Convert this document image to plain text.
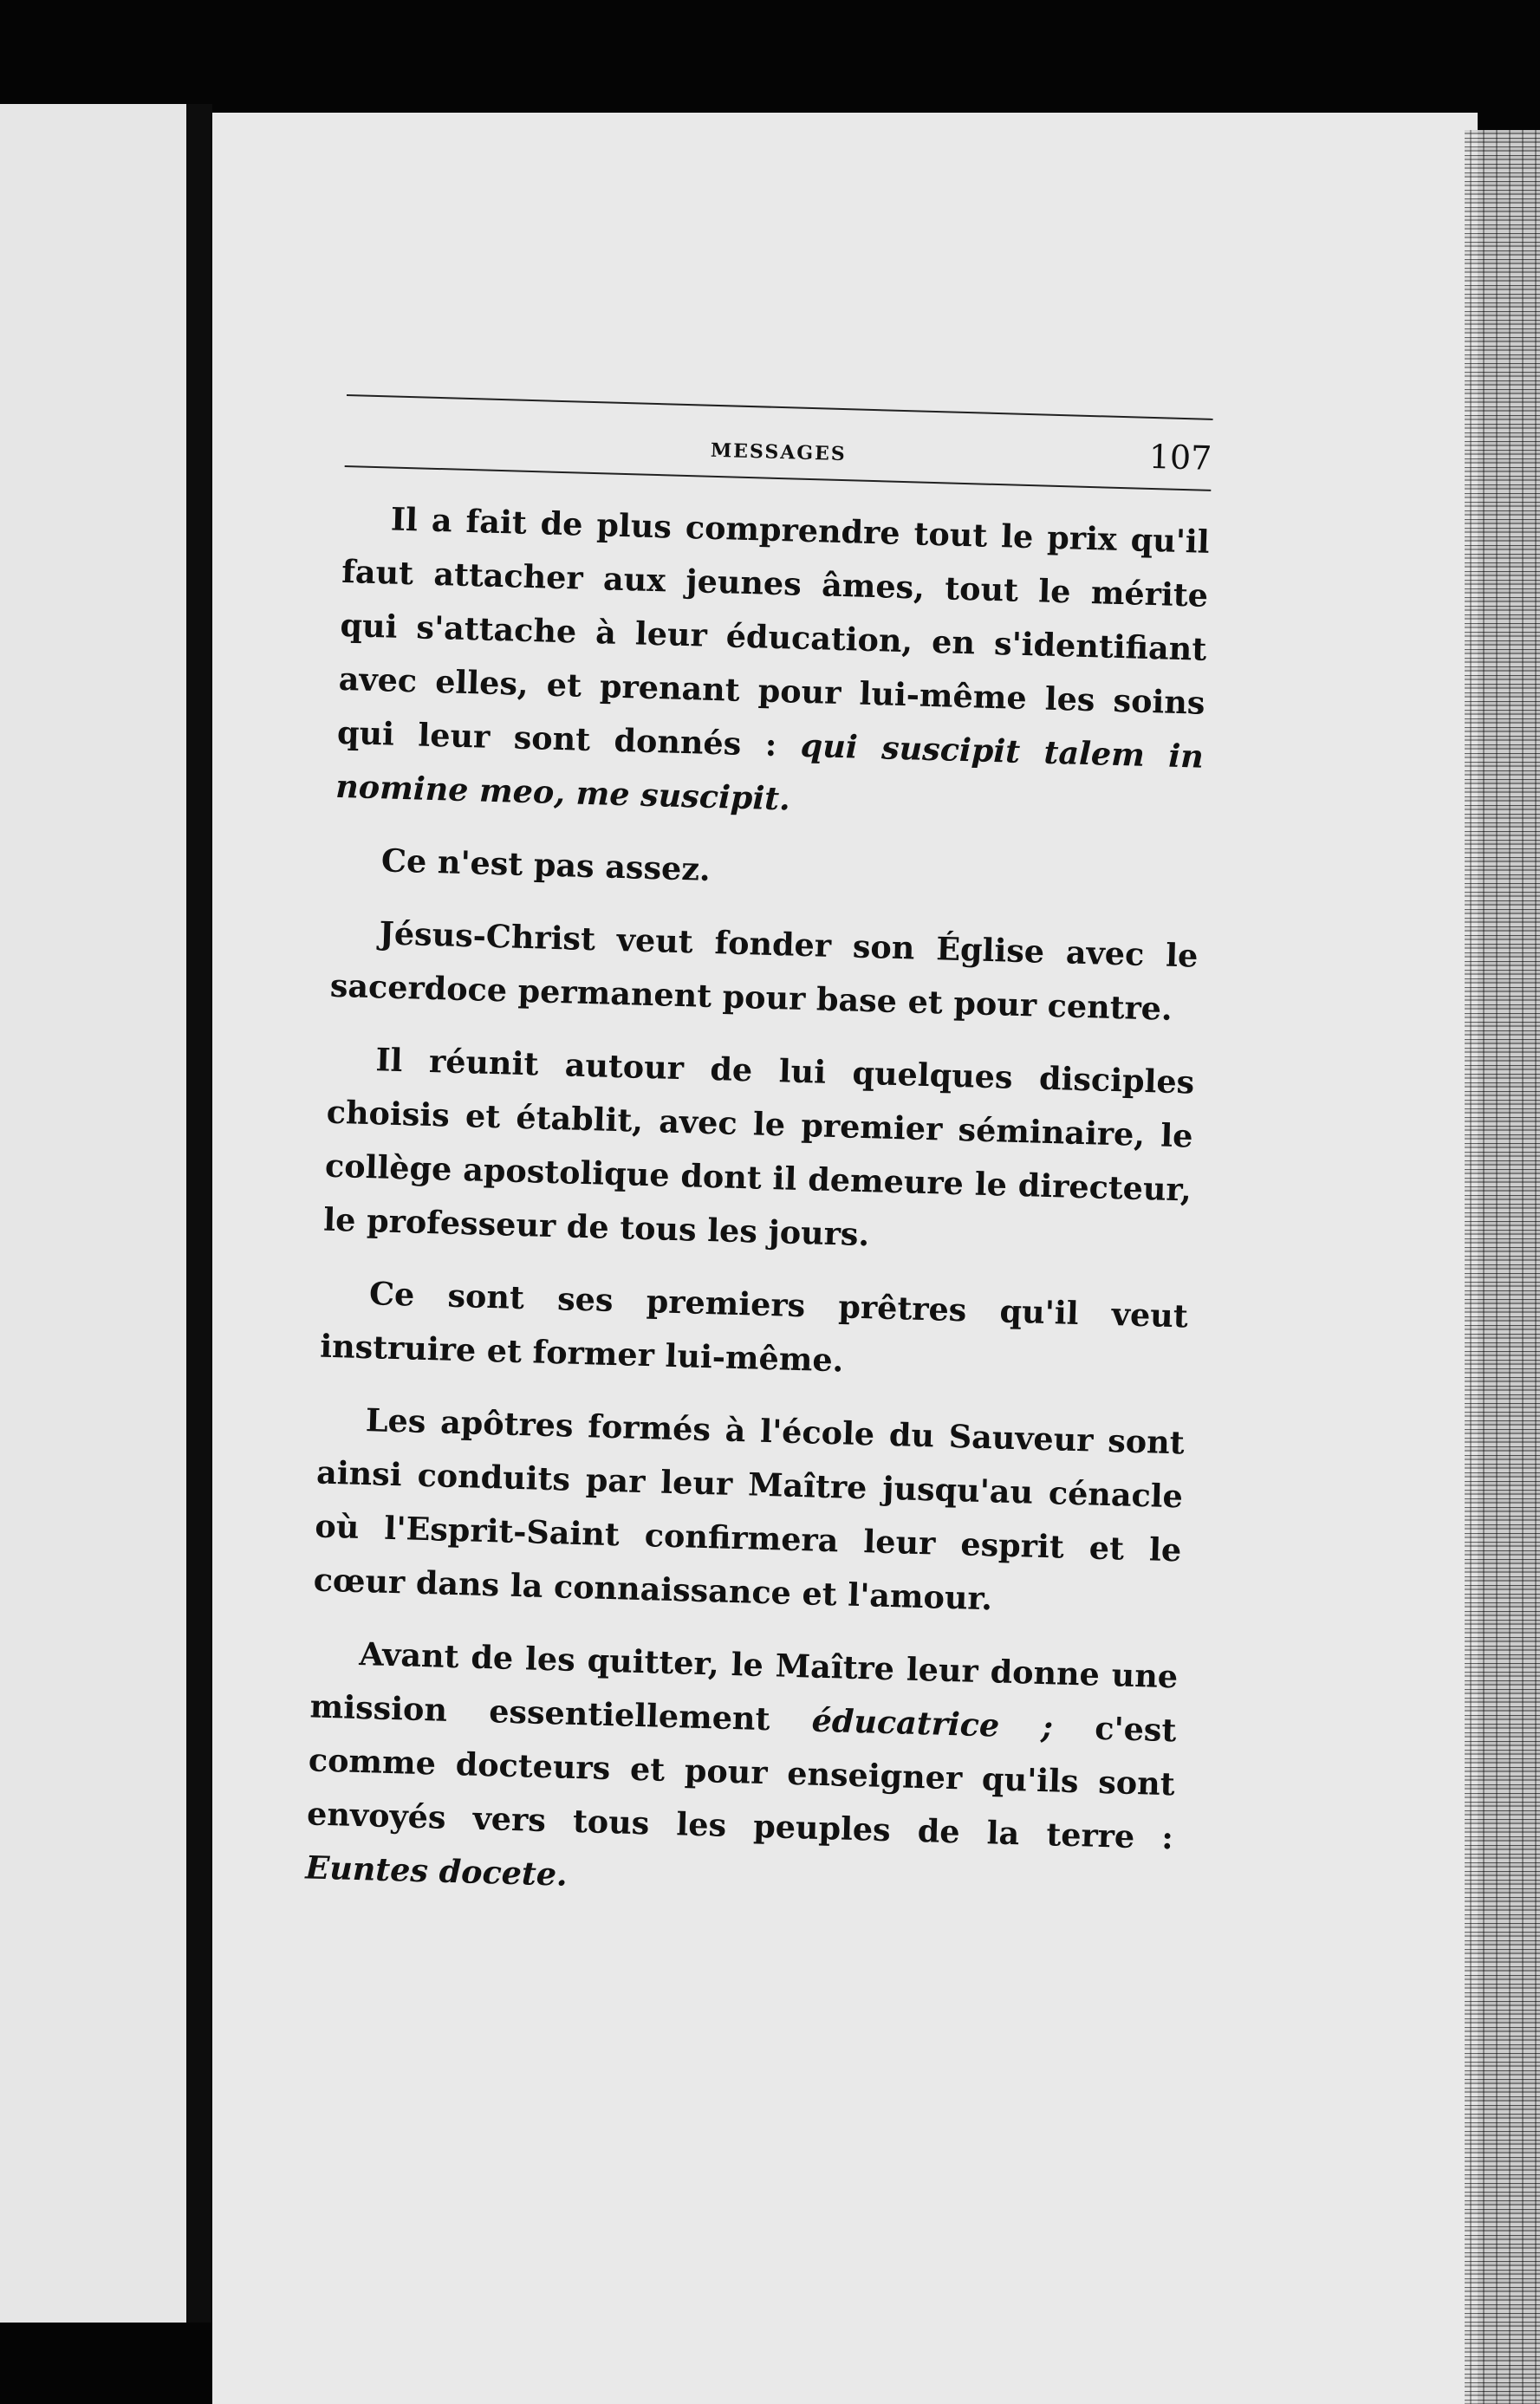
MESSAGES	107

Il a fait de plus comprendre tout le prix qu'il faut attacher aux jeunes âmes, tout le mérite qui s'attache à leur éducation, en s'identifiant avec elles, et prenant pour lui-même les soins qui leur sont donnés : qui suscipit talem in nomine meo, me suscipit.

Ce n'est pas assez.

Jésus-Christ veut fonder son Église avec le sacerdoce permanent pour base et pour centre.

Il réunit autour de lui quelques disciples choisis et établit, avec le premier séminaire, le collège apostolique dont il demeure le directeur, le professeur de tous les jours.

Ce sont ses premiers prêtres qu'il veut instruire et former lui-même.

Les apôtres formés à l'école du Sauveur sont ainsi conduits par leur Maître jusqu'au cénacle où l'Esprit-Saint confirmera leur esprit et le cœur dans la connaissance et l'amour.

Avant de les quitter, le Maître leur donne une mission essentiellement éducatrice ; c'est comme docteurs et pour enseigner qu'ils sont envoyés vers tous les peuples de la terre : Euntes docete.
